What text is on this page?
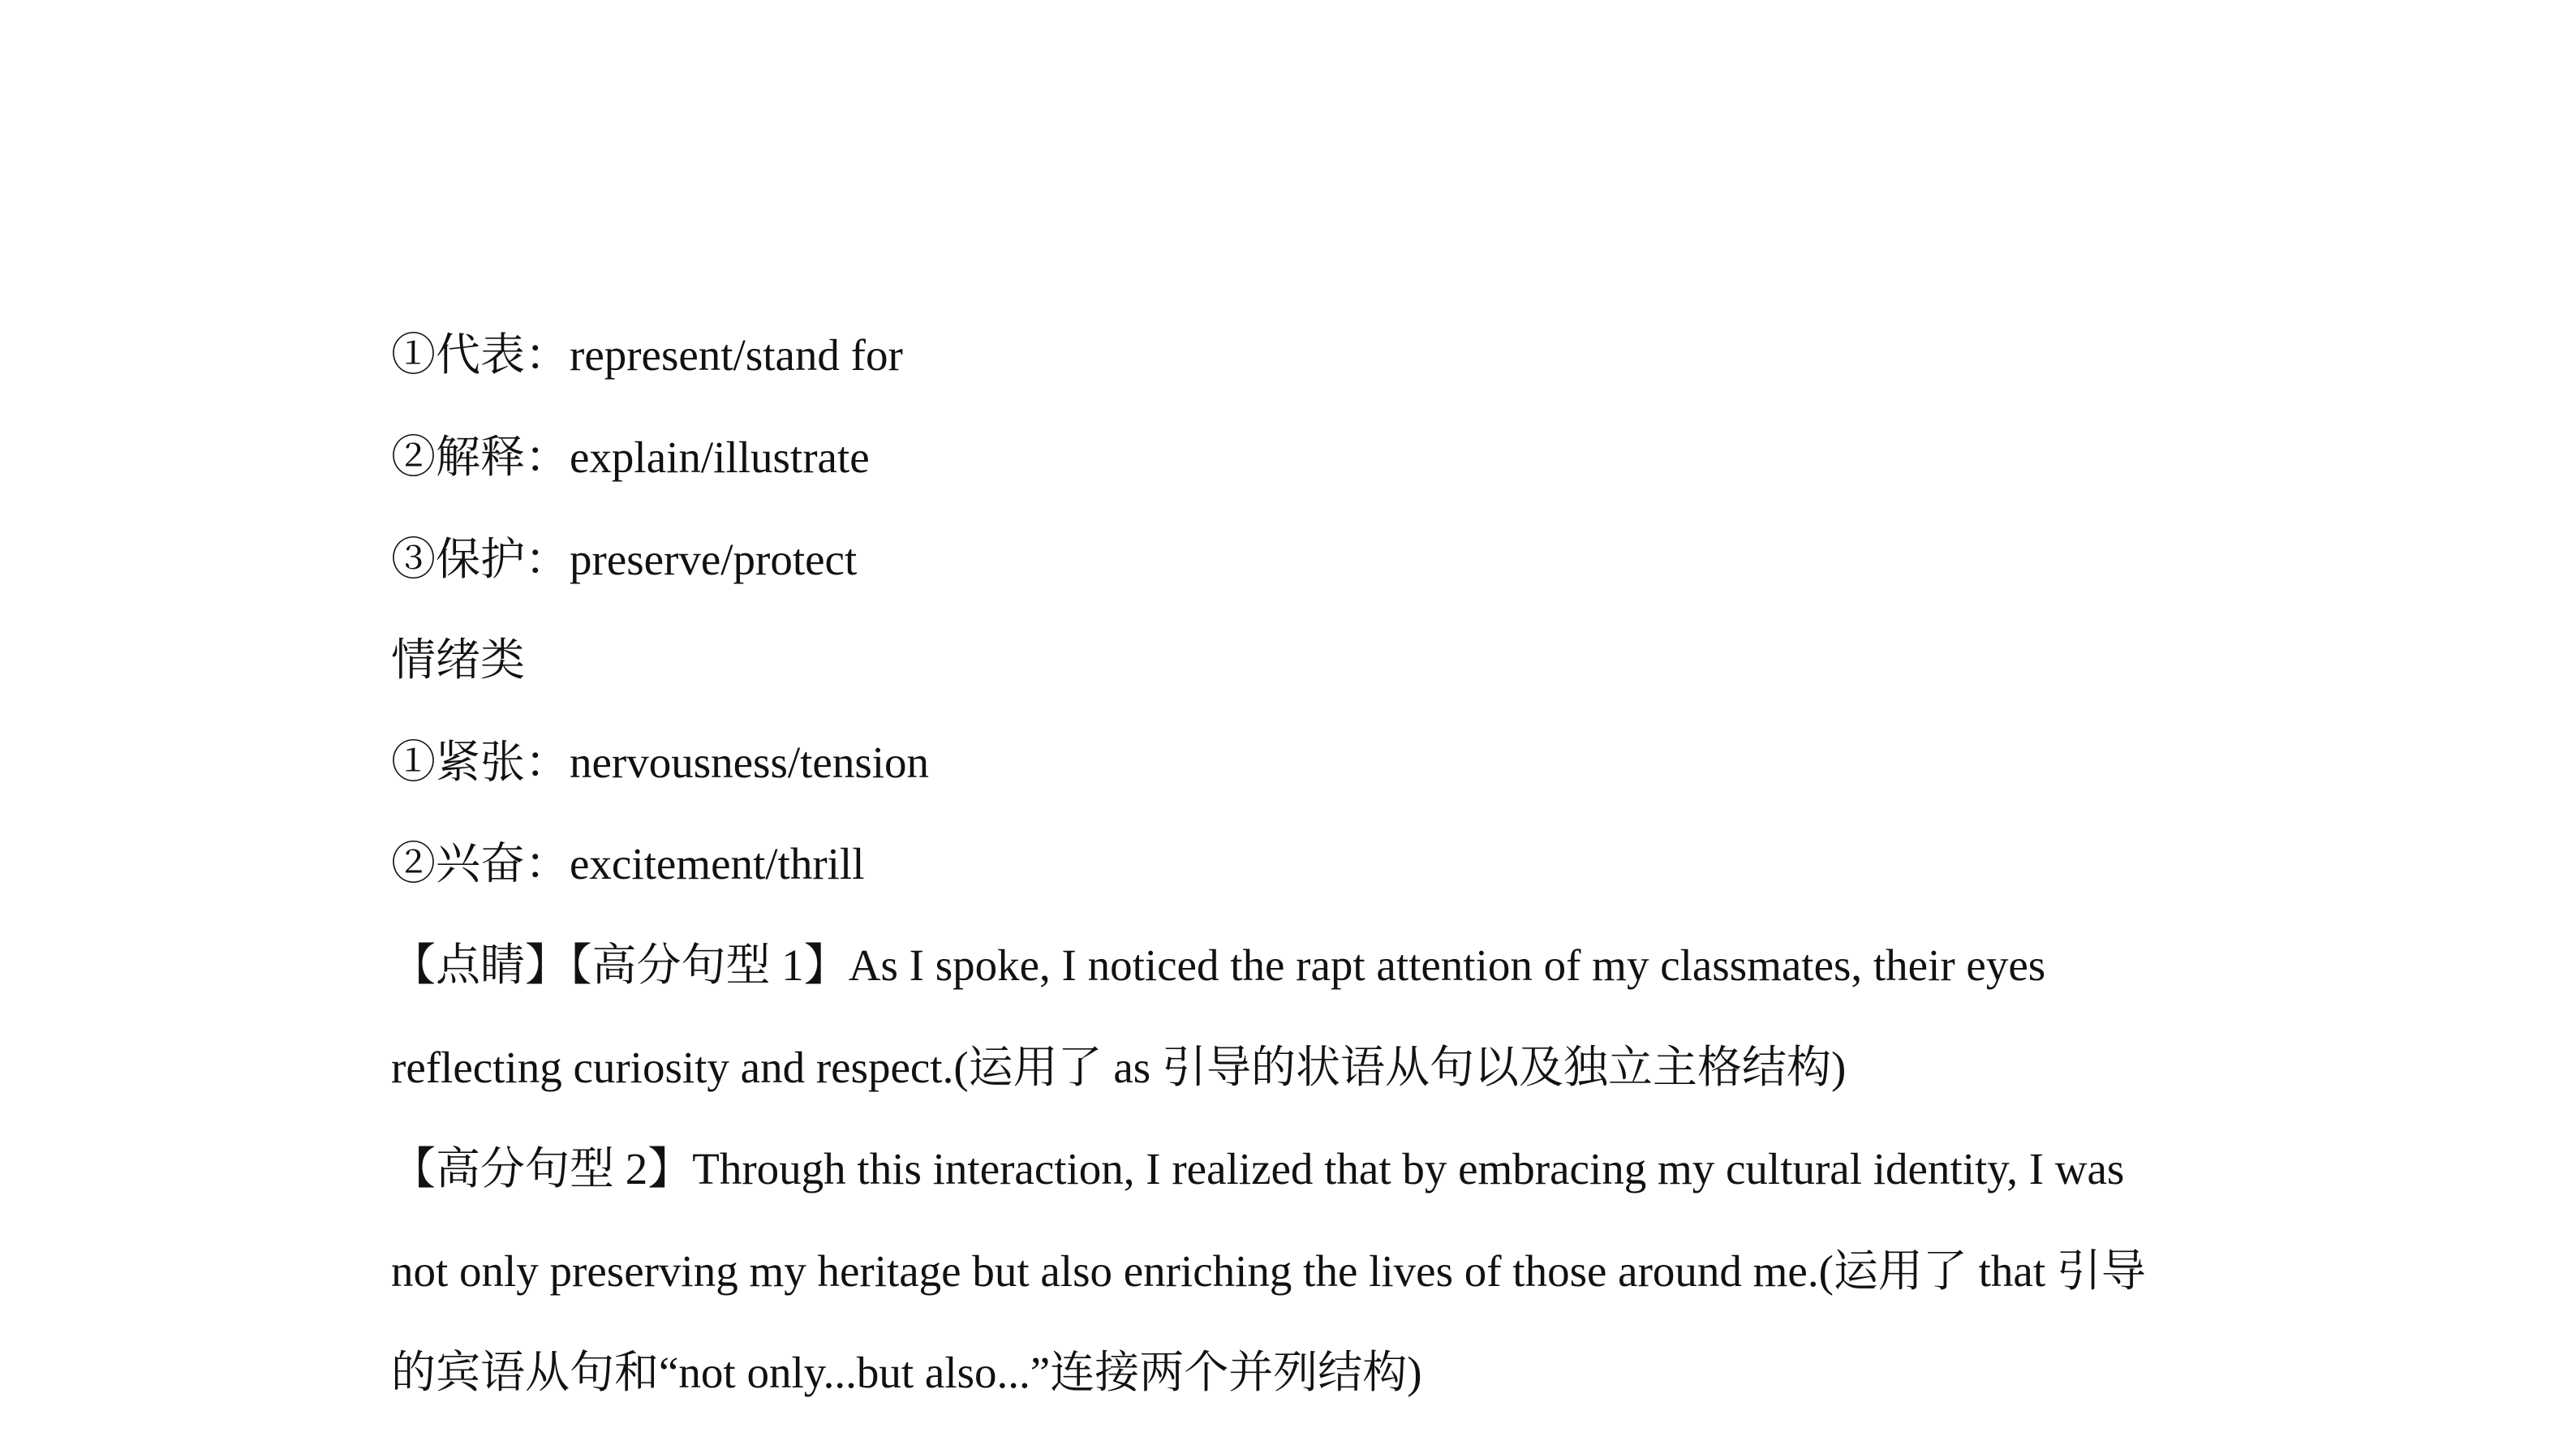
①代表：represent/stand for
②解释：explain/illustrate
③保护：preserve/protect
情绪类
①紧张：nervousness/tension
②兴奋：excitement/thrill
【点睛】【高分句型 1】As I spoke, I noticed the rapt attention of my classmates, their eyes
reflecting curiosity and respect.(运用了 as 引导的状语从句以及独立主格结构)
【高分句型 2】Through this interaction, I realized that by embracing my cultural identity, I was
not only preserving my heritage but also enriching the lives of those around me.(运用了 that 引导
的宾语从句和“not only...but also...”连接两个并列结构)
